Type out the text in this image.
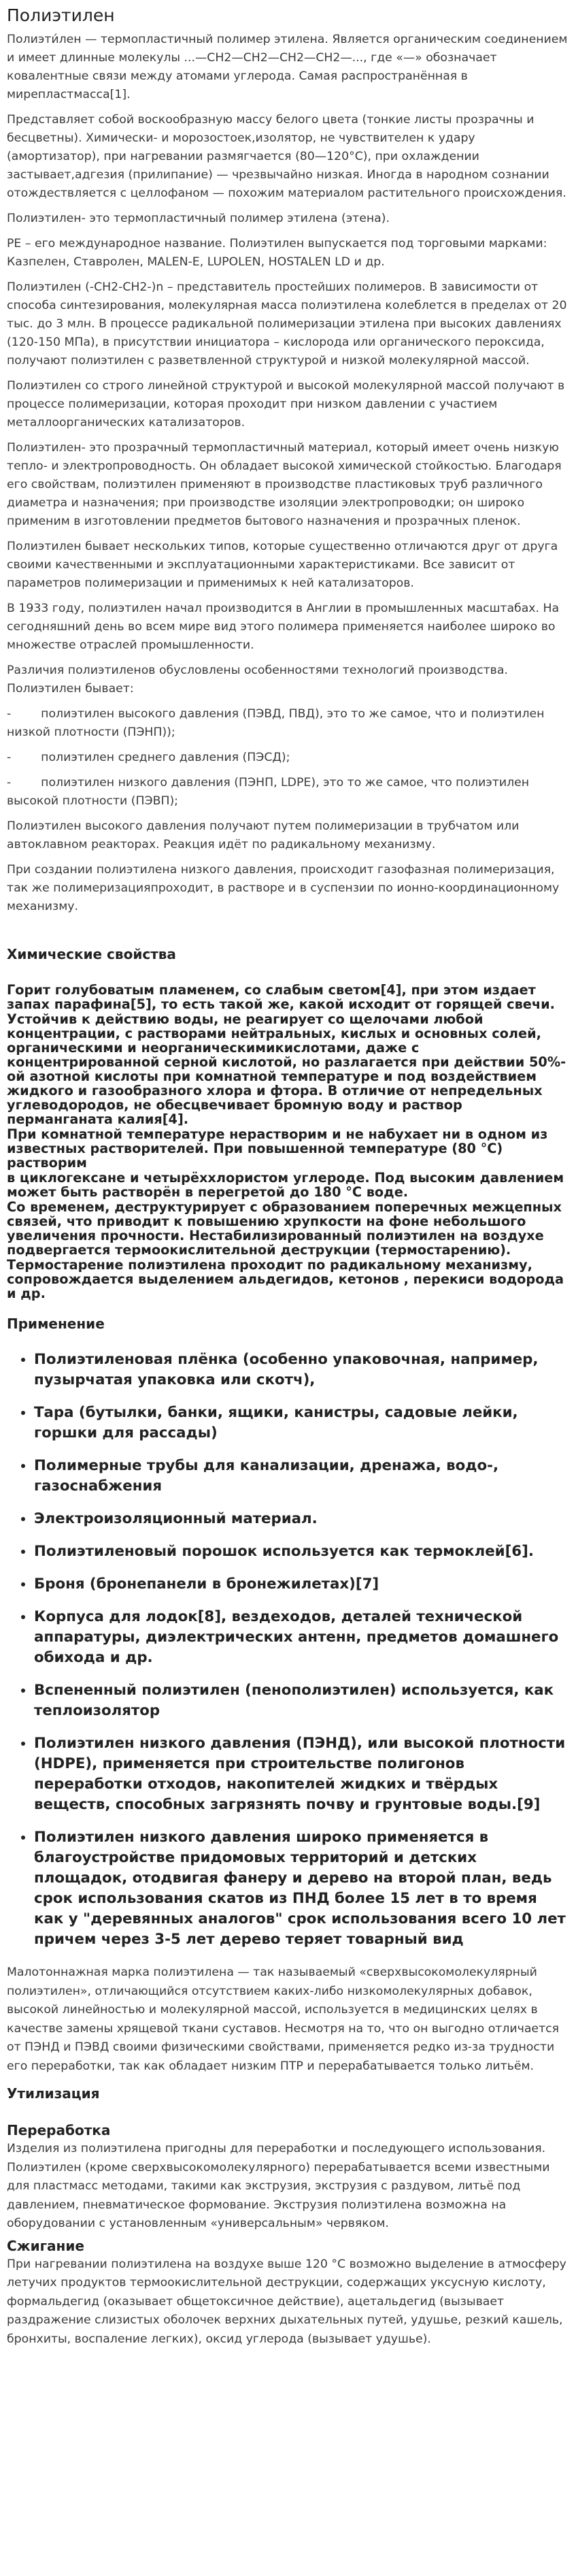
Полиэтилен

Полиэти́лен — термопластичный полимер этилена. Является органическим соединением и имеет длинные молекулы ...—CH2—CH2—CH2—CH2—..., где «—» обозначает ковалентные связи между атомами углерода. Самая распространённая в мирепластмасса[1].

Представляет собой воскообразную массу белого цвета (тонкие листы прозрачны и бесцветны). Химически- и морозостоек,изолятор, не чувствителен к удару (амортизатор), при нагревании размягчается (80—120°С), при охлаждении застывает,адгезия (прилипание) — чрезвычайно низкая. Иногда в народном сознании отождествляется с целлофаном — похожим материалом растительного происхождения.

Полиэтилен- это термопластичный полимер этилена (этена).

PE – его международное название. Полиэтилен выпускается под торговыми марками: Казпелен, Ставролен, MALEN-E, LUPOLEN, HOSTALEN LD и др.

Полиэтилен (-СН2-СН2-)n – представитель простейших полимеров. В зависимости от способа синтезирования, молекулярная масса полиэтилена колеблется в пределах от 20 тыс. до 3 млн. В процессе радикальной полимеризации этилена при высоких давлениях (120-150 МПа), в присутствии инициатора – кислорода или органического пероксида, получают полиэтилен с разветвленной структурой и низкой молекулярной массой.

Полиэтилен со строго линейной структурой и высокой молекулярной массой получают в процессе полимеризации, которая проходит при низком давлении с участием металлоорганических катализаторов.

Полиэтилен- это прозрачный термопластичный материал, который имеет очень низкую тепло- и электропроводность. Он обладает высокой химической стойкостью. Благодаря его свойствам, полиэтилен применяют в производстве пластиковых труб различного диаметра и назначения; при производстве изоляции электропроводки; он широко применим в изготовлении предметов бытового назначения и прозрачных пленок.

Полиэтилен бывает нескольких типов, которые существенно отличаются друг от друга своими качественными и эксплуатационными характеристиками. Все зависит от параметров полимеризации и применимых к ней катализаторов.

В 1933 году, полиэтилен начал производится в Англии в промышленных масштабах. На сегодняшний день во всем мире вид этого полимера применяется наиболее широко во множестве отраслей промышленности.

Различия полиэтиленов обусловлены особенностями технологий производства. Полиэтилен бывает:

-        полиэтилен высокого давления (ПЭВД, ПВД), это то же самое, что и полиэтилен низкой плотности (ПЭНП));

-        полиэтилен среднего давления (ПЭСД);

-        полиэтилен низкого давления (ПЭНП, LDPE), это то же самое, что полиэтилен высокой плотности (ПЭВП);

Полиэтилен высокого давления получают путем полимеризации в трубчатом или автоклавном реакторах. Реакция идёт по радикальному механизму.

При создании полиэтилена низкого давления, происходит газофазная полимеризация, так же полимеризацияпроходит, в растворе и в суспензии по ионно-координационному механизму.

Химические свойства

Горит голубоватым пламенем, со слабым светом[4], при этом издает запах парафина[5], то есть такой же, какой исходит от горящей свечи.

Устойчив к действию воды, не реагирует со щелочами любой концентрации, с растворами нейтральных, кислых и основных солей, органическими и неорганическимикислотами, даже с концентрированной серной кислотой, но разлагается при действии 50%-ой азотной кислоты при комнатной температуре и под воздействием жидкого и газообразного хлора и фтора. В отличие от непредельных углеводородов, не обесцвечивает бромную воду и раствор перманганата калия[4].

При комнатной температуре нерастворим и не набухает ни в одном из известных растворителей. При повышенной температуре (80 °C) растворим

в циклогексане и четырёххлористом углероде. Под высоким давлением может быть растворён в перегретой до 180 °C воде.

Со временем, деструктурирует с образованием поперечных межцепных связей, что приводит к повышению хрупкости на фоне небольшого увеличения прочности. Нестабилизированный полиэтилен на воздухе подвергается термоокислительной деструкции (термостарению).

Термостарение полиэтилена проходит по радикальному механизму, сопровождается выделением альдегидов, кетонов , перекиси водорода и др.

Применение
• Полиэтиленовая плёнка (особенно упаковочная, например, пузырчатая упаковка или скотч),
• Тара (бутылки, банки, ящики, канистры, садовые лейки, горшки для рассады)
• Полимерные трубы для канализации, дренажа, водо-, газоснабжения
• Электроизоляционный материал.
• Полиэтиленовый порошок используется как термоклей[6].
• Броня (бронепанели в бронежилетах)[7]
• Корпуса для лодок[8], вездеходов, деталей технической аппаратуры, диэлектрических антенн, предметов домашнего обихода и др.
• Вспененный полиэтилен (пенополиэтилен) используется, как теплоизолятор
• Полиэтилен низкого давления (ПЭНД), или высокой плотности (HDPE), применяется при строительстве полигонов переработки отходов, накопителей жидких и твёрдых веществ, способных загрязнять почву и грунтовые воды.[9]
• Полиэтилен низкого давления широко применяется в благоустройстве придомовых территорий и детских площадок, отодвигая фанеру и дерево на второй план, ведь срок использования скатов из ПНД более 15 лет в то время как у "деревянных аналогов" срок использования всего 10 лет причем через 3-5 лет дерево теряет товарный вид

Малотоннажная марка полиэтилена — так называемый «сверхвысокомолекулярный полиэтилен», отличающийся отсутствием каких-либо низкомолекулярных добавок, высокой линейностью и молекулярной массой, используется в медицинских целях в качестве замены хрящевой ткани суставов. Несмотря на то, что он выгодно отличается от ПЭНД и ПЭВД своими физическими свойствами, применяется редко из-за трудности его переработки, так как обладает низким ПТР и перерабатывается только литьём.

Утилизация
Переработка

Изделия из полиэтилена пригодны для переработки и последующего использования. Полиэтилен (кроме сверхвысокомолекулярного) перерабатывается всеми известными для пластмасс методами, такими как экструзия, экструзия с раздувом, литьё под давлением, пневматическое формование. Экструзия полиэтилена возможна на оборудовании с установленным «универсальным» червяком.

Сжигание

При нагревании полиэтилена на воздухе выше 120 °С возможно выделение в атмосферу летучих продуктов термоокислительной деструкции, содержащих уксусную кислоту, формальдегид (оказывает общетоксичное действие), ацетальдегид (вызывает раздражение слизистых оболочек верхних дыхательных путей, удушье, резкий кашель, бронхиты, воспаление легких), оксид углерода (вызывает удушье).
